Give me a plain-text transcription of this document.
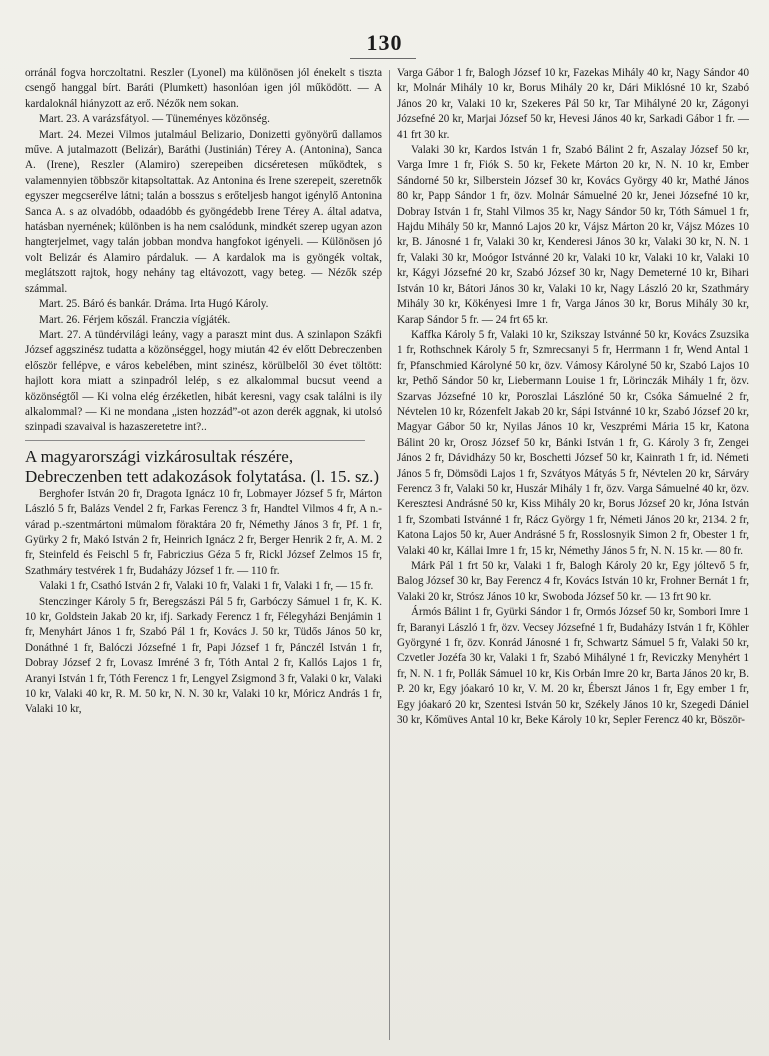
130

orránál fogva horczoltatni. Reszler (Lyonel) ma különösen jól énekelt s tiszta csengő hanggal bírt. Baráti (Plumkett) hasonlóan igen jól működött. — A kardaloknál hiányzott az erő. Nézők nem sokan.

Mart. 23. A varázsfátyol. — Tüneményes közönség.

Mart. 24. Mezei Vilmos jutalmául Belizario, Donizetti gyönyörű dallamos műve. A jutalmazott (Belizár), Baráthi (Justinián) Térey A. (Antonina), Sanca A. (Irene), Reszler (Alamiro) szerepeiben dicséretesen működtek, s valamennyien többször kitapsoltattak. Az Antonina és Irene szerepeit, szeretnők egyszer megcserélve látni; talán a bosszus s erőteljesb hangot igénylő Antonina Sanca A. s az olvadóbb, odaadóbb és gyöngédebb Irene Térey A. által adatva, hatásban nyernének; különben is ha nem csalódunk, mindkét szerep ugyan azon hangterjelmet, vagy talán jobban mondva hangfokot igényeli. — Különösen jó volt Belizár és Alamiro párdaluk. — A kardalok ma is gyöngék voltak, meglátszott rajtok, hogy nehány tag eltávozott, vagy beteg. — Nézők szép számmal.

Mart. 25. Báró és bankár. Dráma. Irta Hugó Károly.

Mart. 26. Férjem kőszál. Franczia vígjáték.

Mart. 27. A tündérvilági leány, vagy a paraszt mint dus. A szinlapon Szákfi József aggszinész tudatta a közönséggel, hogy miután 42 év előtt Debreczenben először fellépve, e város kebelében, mint szinész, körülbelől 30 évet töltött: hajlott kora miatt a szinpadról lelép, s ez alkalommal bucsut veend a közönségtől — Ki volna elég érzéketlen, hibát keresni, vagy csak találni is ily alkalommal? — Ki ne mondana „isten hozzád”-ot azon derék aggnak, ki utolsó szinpadi szavaival is hazaszeretetre int?..

A magyarországi vizkárosultak részére, Debreczenben tett adakozások folytatása. (l. 15. sz.)

Berghofer István 20 fr, Dragota Ignácz 10 fr, Lobmayer József 5 fr, Márton László 5 fr, Balázs Vendel 2 fr, Farkas Ferencz 3 fr, Handtel Vilmos 4 fr, A n.-várad p.-szentmártoni mümalom föraktára 20 fr, Némethy János 3 fr, Pf. 1 fr, Gyürky 2 fr, Makó István 2 fr, Heinrich Ignácz 2 fr, Berger Henrik 2 fr, A. M. 2 fr, Steinfeld és Feischl 5 fr, Fabriczius Géza 5 fr, Rickl József Zelmos 15 fr, Szathmáry testvérek 1 fr, Budaházy József 1 fr. — 110 fr.

Valaki 1 fr, Csathó István 2 fr, Valaki 10 fr, Valaki 1 fr, Valaki 1 fr, — 15 fr.

Stenczinger Károly 5 fr, Beregszászi Pál 5 fr, Garbóczy Sámuel 1 fr, K. K. 10 kr, Goldstein Jakab 20 kr, ifj. Sarkady Ferencz 1 fr, Félegyházi Benjámin 1 fr, Menyhárt János 1 fr, Szabó Pál 1 fr, Kovács J. 50 kr, Tüdős János 50 kr, Donáthné 1 fr, Balóczi Józsefné 1 fr, Papi József 1 fr, Pánczél István 1 fr, Dobray József 2 fr, Lovasz Imréné 3 fr, Tóth Antal 2 fr, Kallós Lajos 1 fr, Aranyi István 1 fr, Tóth Ferencz 1 fr, Lengyel Zsigmond 3 fr, Valaki 0 kr, Valaki 10 kr, Valaki 40 kr, R. M. 50 kr, N. N. 30 kr, Valaki 10 kr, Móricz András 1 fr, Valaki 10 kr,

Varga Gábor 1 fr, Balogh József 10 kr, Fazekas Mihály 40 kr, Nagy Sándor 40 kr, Molnár Mihály 10 kr, Borus Mihály 20 kr, Dári Miklósné 10 kr, Szabó János 20 kr, Valaki 10 kr, Szekeres Pál 50 kr, Tar Mihályné 20 kr, Zágonyi Józsefné 20 kr, Marjai József 50 kr, Hevesi János 40 kr, Sarkadi Gábor 1 fr. — 41 frt 30 kr.

Valaki 30 kr, Kardos István 1 fr, Szabó Bálint 2 fr, Aszalay József 50 kr, Varga Imre 1 fr, Fiók S. 50 kr, Fekete Márton 20 kr, N. N. 10 kr, Ember Sándorné 50 kr, Silberstein József 30 kr, Kovács György 40 kr, Mathé János 80 kr, Papp Sándor 1 fr, özv. Molnár Sámuelné 20 kr, Jenei Józsefné 10 kr, Dobray István 1 fr, Stahl Vilmos 35 kr, Nagy Sándor 50 kr, Tóth Sámuel 1 fr, Hajdu Mihály 50 kr, Mannó Lajos 20 kr, Vájsz Márton 20 kr, Vájsz Mózes 10 kr, B. Jánosné 1 fr, Valaki 30 kr, Kenderesi János 30 kr, Valaki 30 kr, N. N. 1 fr, Valaki 30 kr, Moógor Istvánné 20 kr, Valaki 10 kr, Valaki 10 kr, Valaki 10 kr, Kágyi Józsefné 20 kr, Szabó József 30 kr, Nagy Demeterné 10 kr, Bihari István 10 kr, Bátori János 30 kr, Valaki 10 kr, Nagy László 20 kr, Szathmáry Mihály 30 kr, Kökényesi Imre 1 fr, Varga János 30 kr, Borus Mihály 30 kr, Karap Sándor 5 fr. — 24 frt 65 kr.

Kaffka Károly 5 fr, Valaki 10 kr, Szikszay Istvánné 50 kr, Kovács Zsuzsika 1 fr, Rothschnek Károly 5 fr, Szmrecsanyi 5 fr, Herrmann 1 fr, Wend Antal 1 fr, Pfanschmied Károlyné 50 kr, özv. Vámosy Károlyné 50 kr, Szabó Lajos 10 kr, Pethő Sándor 50 kr, Liebermann Louise 1 fr, Lörinczák Mihály 1 fr, özv. Szarvas Józsefné 10 kr, Poroszlai Lászlóné 50 kr, Csóka Sámuelné 2 fr, Névtelen 10 kr, Rózenfelt Jakab 20 kr, Sápi Istvánné 10 kr, Szabó József 20 kr, Magyar Gábor 50 kr, Nyilas János 10 kr, Veszprémi Mária 15 kr, Katona Bálint 20 kr, Orosz József 50 kr, Bánki István 1 fr, G. Károly 3 fr, Zengei János 2 fr, Dávidházy 50 kr, Boschetti József 50 kr, Kainrath 1 fr, id. Németi János 5 fr, Dömsödi Lajos 1 fr, Szvátyos Mátyás 5 fr, Névtelen 20 kr, Sárváry Ferencz 3 fr, Valaki 50 kr, Huszár Mihály 1 fr, özv. Varga Sámuelné 40 kr, özv. Keresztesi Andrásné 50 kr, Kiss Mihály 20 kr, Borus József 20 kr, Jóna István 1 fr, Szombati Istvánné 1 fr, Rácz György 1 fr, Németi János 20 kr, 2134. 2 fr, Katona Lajos 50 kr, Auer Andrásné 5 fr, Rosslosnyik Simon 2 fr, Obester 1 fr, Valaki 40 kr, Kállai Imre 1 fr, 15 kr, Némethy János 5 fr, N. N. 15 kr. — 80 fr.

Márk Pál 1 frt 50 kr, Valaki 1 fr, Balogh Károly 20 kr, Egy jóltevő 5 fr, Balog József 30 kr, Bay Ferencz 4 fr, Kovács István 10 kr, Frohner Bernát 1 fr, Valaki 20 kr, Strósz János 10 kr, Swoboda József 50 kr. — 13 frt 90 kr.

Ármós Bálint 1 fr, Gyürki Sándor 1 fr, Ormós József 50 kr, Sombori Imre 1 fr, Baranyi László 1 fr, özv. Vecsey Józsefné 1 fr, Budaházy István 1 fr, Köhler Györgyné 1 fr, özv. Konrád Jánosné 1 fr, Schwartz Sámuel 5 fr, Valaki 50 kr, Czvetler Jozéfa 30 kr, Valaki 1 fr, Szabó Mihályné 1 fr, Reviczky Menyhért 1 fr, N. N. 1 fr, Pollák Sámuel 10 kr, Kis Orbán Imre 20 kr, Barta János 20 kr, B. P. 20 kr, Egy jóakaró 10 kr, V. M. 20 kr, Éberszt János 1 fr, Egy ember 1 fr, Egy jóakaró 20 kr, Szentesi István 50 kr, Székely János 10 kr, Szegedi Dániel 30 kr, Kőmüves Antal 10 kr, Beke Károly 10 kr, Sepler Ferencz 40 kr, Böször-
